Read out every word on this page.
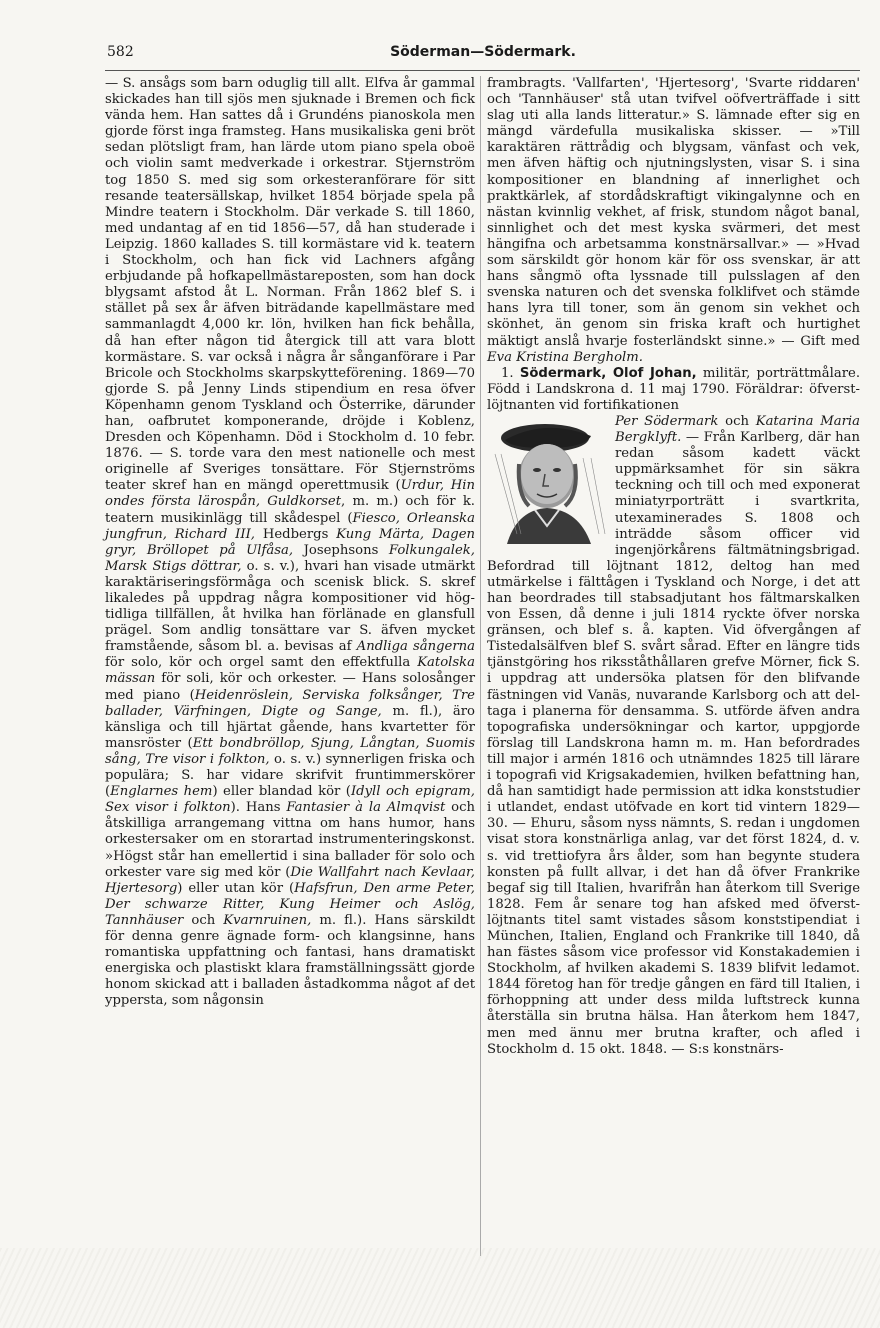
582	Söderman—Södermark.

— S. ansågs som barn oduglig till allt. Elfva år gammal skickades han till sjös men sjuknade i Bremen och fick vända hem. Han sattes då i Grundéns pianoskola men gjorde först inga framsteg. Hans musikaliska geni bröt sedan plötsligt fram, han lärde utom piano spela oboë och violin samt medverkade i orkestrar. Stjernström tog 1850 S. med sig som orkesteranförare för sitt resande teatersällskap, hvilket 1854 började spela på Mindre teatern i Stockholm. Där verkade S. till 1860, med undantag af en tid 1856—57, då han studerade i Leipzig. 1860 kallades S. till kormästare vid k. teatern i Stockholm, och han fick vid Lachners afgång erbjudande på hofkapellmästareposten, som han dock blygsamt afstod åt L. Norman. Från 1862 blef S. i stället på sex år äfven biträdande kapellmästare med sammanlagdt 4,000 kr. lön, hvilken han fick behålla, då han efter någon tid återgick till att vara blott kormästare. S. var också i några år sånganförare i Par Bricole och Stockholms skarpskytteförening. 1869—70 gjorde S. på Jenny Linds stipendium en resa öfver Köpenhamn genom Tyskland och Österrike, därunder han, oafbrutet komponerande, dröjde i Koblenz, Dresden och Köpenhamn. Död i Stockholm d. 10 febr. 1876. — S. torde vara den mest nationelle och mest originelle af Sveriges tonsättare. För Stjernströms teater skref han en mängd operettmusik (Urdur, Hin ondes första lärospån, Guldkorset, m. m.) och för k. teatern musikinlägg till skådespel (Fiesco, Orleanska jungfrun, Richard III, Hedbergs Kung Märta, Dagen gryr, Bröllopet på Ulfåsa, Josephsons Folkungalek, Marsk Stigs döttrar, o. s. v.), hvari han visade utmärkt karaktäriseringsförmåga och scenisk blick. S. skref likaledes på uppdrag några kompositioner vid högtidliga tillfällen, åt hvilka han förlänade en glansfull prägel. Som andlig tonsättare var S. äfven mycket framstående, såsom bl. a. bevisas af Andliga sångerna för solo, kör och orgel samt den effektfulla Katolska mässan för soli, kör och orkester. — Hans solosånger med piano (Heidenröslein, Serviska folksånger, Tre ballader, Värfningen, Digte og Sange, m. fl.), äro känsliga och till hjärtat gående, hans kvartetter för mansröster (Ett bondbröllop, Sjung, Långtan, Suomis sång, Tre visor i folkton, o. s. v.) synnerligen friska och populära; S. har vidare skrifvit fruntimmerskörer (Englarnes hem) eller blandad kör (Idyll och epigram, Sex visor i folkton). Hans Fantasier à la Almqvist och åtskilliga arrangemang vittna om hans humor, hans orkestersaker om en storartad instrumenteringskonst. »Högst står han emellertid i sina ballader för solo och orkester vare sig med kör (Die Wallfahrt nach Kevlaar, Hjertesorg) eller utan kör (Hafsfrun, Den arme Peter, Der schwarze Ritter, Kung Heimer och Aslög, Tannhäuser och Kvarnruinen, m. fl.). Hans särskildt för denna genre ägnade form- och klangsinne, hans romantiska uppfattning och fantasi, hans dramatiskt energiska och plastiskt klara framställningssätt gjorde honom skickad att i balladen åstadkomma något af det yppersta, som någonsin

frambragts. 'Vallfarten', 'Hjertesorg', 'Svarte riddaren' och 'Tannhäuser' stå utan tvifvel oöfverträffade i sitt slag uti alla lands litteratur.» S. lämnade efter sig en mängd värdefulla musikaliska skisser. — »Till karaktären rättrådig och blygsam, vänfast och vek, men äfven häftig och njutningslysten, visar S. i sina kompositioner en blandning af innerlighet och praktkärlek, af stordådskraftigt vikingalynne och en nästan kvinnlig vekhet, af frisk, stundom något banal, sinnlighet och det mest kyska svärmeri, det mest hängifna och arbetsamma konstnärsallvar.» — »Hvad som särskildt gör honom kär för oss svenskar, är att hans sångmö ofta lyssnade till pulsslagen af den svenska naturen och det svenska folklifvet och stämde hans lyra till toner, som än genom sin vekhet och skönhet, än genom sin friska kraft och hurtighet mäktigt anslå hvarje fosterländskt sinne.» — Gift med Eva Kristina Bergholm.

1. Södermark, Olof Johan, militär, porträttmålare. Född i Landskrona d. 11 maj 1790. Föräldrar: öfverstlöjtnanten vid fortifikationen

Per Södermark och Katarina Maria Bergklyft. — Från Karlberg, där han redan såsom kadett väckt uppmärksamhet för sin säkra teckning och till och med exponerat miniatyrporträtt i svartkrita, utexaminerades S. 1808 och inträdde såsom officer vid ingenjörkårens fältmätningsbrigad. Befordrad till löjtnant 1812, deltog han med utmärkelse i fälttågen i Tyskland och Norge, i det att han beordrades till stabsadjutant hos fältmarskalken von Essen, då denne i juli 1814 ryckte öfver norska gränsen, och blef s. å. kapten. Vid öfvergången af Tistedalsälfven blef S. svårt sårad. Efter en längre tids tjänstgöring hos riksståthållaren grefve Mörner, fick S. i uppdrag att undersöka platsen för den blifvande fästningen vid Vanäs, nuvarande Karlsborg och att deltaga i planerna för densamma. S. utförde äfven andra topografiska undersökningar och kartor, uppgjorde förslag till Landskrona hamn m. m. Han befordrades till major i armén 1816 och utnämndes 1825 till lärare i topografi vid Krigsakademien, hvilken befattning han, då han samtidigt hade permission att idka konststudier i utlandet, endast utöfvade en kort tid vintern 1829—30. — Ehuru, såsom nyss nämnts, S. redan i ungdomen visat stora konstnärliga anlag, var det först 1824, d. v. s. vid trettiofyra års ålder, som han begynte studera konsten på fullt allvar, i det han då öfver Frankrike begaf sig till Italien, hvarifrån han återkom till Sverige 1828. Fem år senare tog han afsked med öfverstlöjtnants titel samt vistades såsom konststipendiat i München, Italien, England och Frankrike till 1840, då han fästes såsom vice professor vid Konstakademien i Stockholm, af hvilken akademi S. 1839 blifvit ledamot. 1844 företog han för tredje gången en färd till Italien, i förhoppning att under dess milda luftstreck kunna återställa sin brutna hälsa. Han återkom hem 1847, men med ännu mer brutna krafter, och afled i Stockholm d. 15 okt. 1848. — S:s konstnärs-
